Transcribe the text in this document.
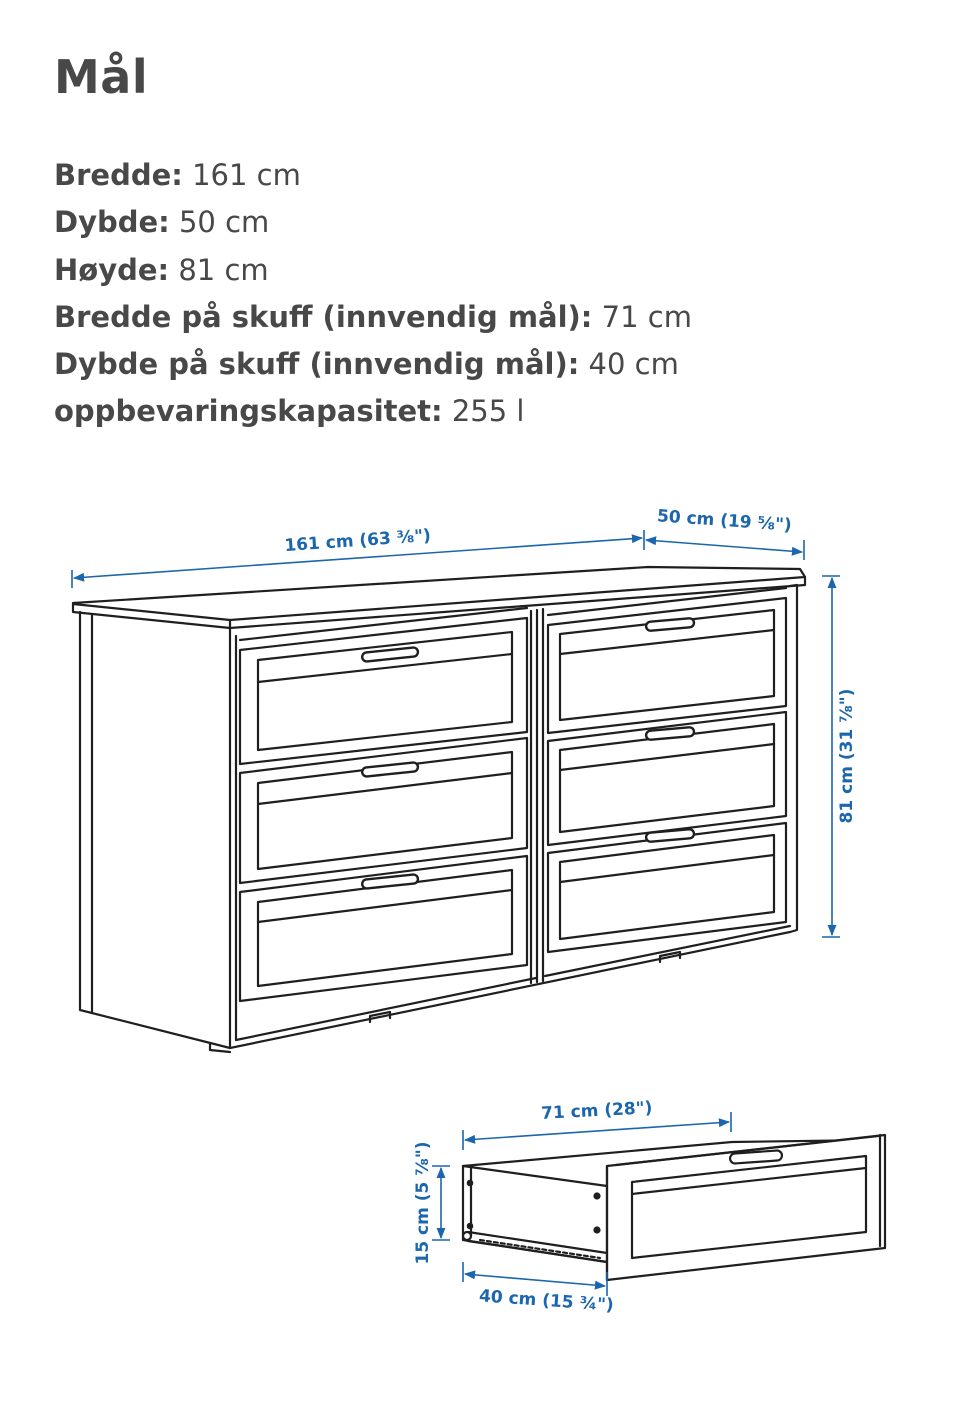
Mål
Bredde: 161 cm
Dybde: 50 cm
Høyde: 81 cm
Bredde på skuff (innvendig mål): 71 cm
Dybde på skuff (innvendig mål): 40 cm
oppbevaringskapasitet: 255 l
161 cm (63 ⅜")
50 cm (19 ⅝")
81 cm (31 ⅞")
71 cm (28")
15 cm (5 ⅞")
40 cm (15 ¾")
